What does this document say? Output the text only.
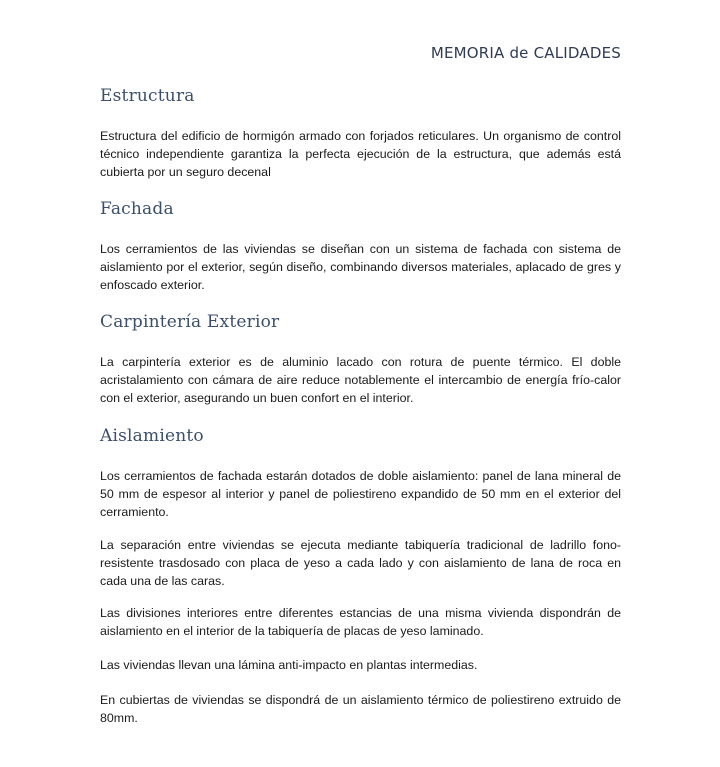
MEMORIA de CALIDADES
Estructura
Estructura del edificio de hormigón armado con forjados reticulares. Un organismo de control técnico independiente garantiza la perfecta ejecución de la estructura, que además está cubierta por un seguro decenal
Fachada
Los cerramientos de las viviendas se diseñan con un sistema de fachada con sistema de aislamiento por el exterior, según diseño, combinando diversos materiales, aplacado de gres y enfoscado exterior.
Carpintería Exterior
La carpintería exterior es de aluminio lacado con rotura de puente térmico. El doble acristalamiento con cámara de aire reduce notablemente el intercambio de energía frío-calor con el exterior, asegurando un buen confort en el interior.
Aislamiento
Los cerramientos de fachada estarán dotados de doble aislamiento: panel de lana mineral de 50 mm de espesor al interior y panel de poliestireno expandido de 50 mm en el exterior del cerramiento.
La separación entre viviendas se ejecuta mediante tabiquería tradicional de ladrillo fono-resistente trasdosado con placa de yeso a cada lado y con aislamiento de lana de roca en cada una de las caras.
Las divisiones interiores entre diferentes estancias de una misma vivienda dispondrán de aislamiento en el interior de la tabiquería de placas de yeso laminado.
Las viviendas llevan una lámina anti-impacto en plantas intermedias.
En cubiertas de viviendas se dispondrá de un aislamiento térmico de poliestireno extruido de 80mm.
